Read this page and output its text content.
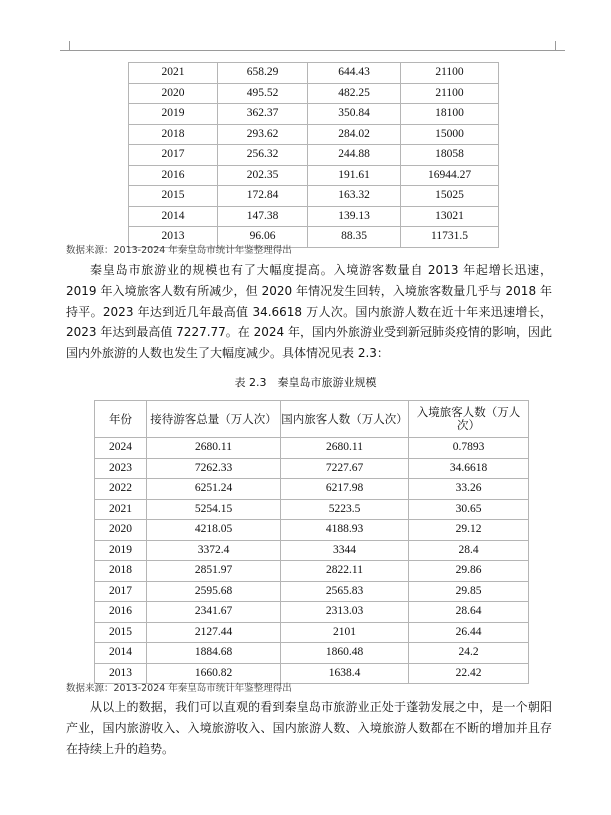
2021	658.29	644.43	21100
2020	495.52	482.25	21100
2019	362.37	350.84	18100
2018	293.62	284.02	15000
2017	256.32	244.88	18058
2016	202.35	191.61	16944.27
2015	172.84	163.32	15025
2014	147.38	139.13	13021
2013	96.06	88.35	11731.5
数据来源：2013-2024 年秦皇岛市统计年鉴整理得出

秦皇岛市旅游业的规模也有了大幅度提高。入境游客数量自 2013 年起增长迅速，2019 年入境旅客人数有所减少，但 2020 年情况发生回转，入境旅客数量几乎与 2018 年持平。2023 年达到近几年最高值 34.6618 万人次。国内旅游人数在近十年来迅速增长，2023 年达到最高值 7227.77。在 2024 年，国内外旅游业受到新冠肺炎疫情的影响，因此国内外旅游的人数也发生了大幅度减少。具体情况见表 2.3：

表 2.3　秦皇岛市旅游业规模
年份	接待游客总量（万人次）	国内旅客人数（万人次）	入境旅客人数（万人次）
2024	2680.11	2680.11	0.7893
2023	7262.33	7227.67	34.6618
2022	6251.24	6217.98	33.26
2021	5254.15	5223.5	30.65
2020	4218.05	4188.93	29.12
2019	3372.4	3344	28.4
2018	2851.97	2822.11	29.86
2017	2595.68	2565.83	29.85
2016	2341.67	2313.03	28.64
2015	2127.44	2101	26.44
2014	1884.68	1860.48	24.2
2013	1660.82	1638.4	22.42
数据来源：2013-2024 年秦皇岛市统计年鉴整理得出

从以上的数据，我们可以直观的看到秦皇岛市旅游业正处于蓬勃发展之中，是一个朝阳产业，国内旅游收入、入境旅游收入、国内旅游人数、入境旅游人数都在不断的增加并且存在持续上升的趋势。
